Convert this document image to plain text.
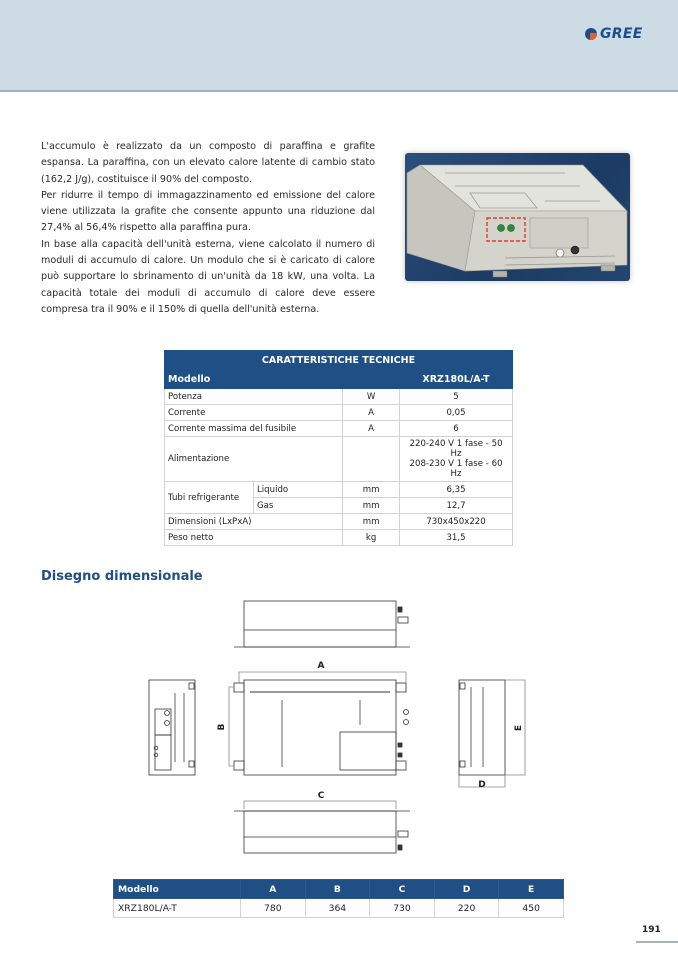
GREE

L'accumulo è realizzato da un composto di paraffina e grafite espansa. La paraffina, con un elevato calore latente di cambio stato (162,2 J/g), costituisce il 90% del composto.

Per ridurre il tempo di immagazzinamento ed emissione del calore viene utilizzata la grafite che consente appunto una riduzione dal 27,4% al 56,4% rispetto alla paraffina pura.

In base alla capacità dell'unità esterna, viene calcolato il numero di moduli di accumulo di calore. Un modulo che si è caricato di calore può supportare lo sbrinamento di un'unità da 18 kW, una volta. La capacità totale dei moduli di accumulo di calore deve essere compresa tra il 90% e il 150% di quella dell'unità esterna.

CARATTERISTICHE TECNICHE			
Modello			XRZ180L/A-T
Potenza		W	5
Corrente		A	0,05
Corrente massima del fusibile		A	6
Alimentazione			220-240 V 1 fase - 50 Hz
208-230 V 1 fase - 60 Hz

Tubi refrigerante	Liquido	mm	6,35
	Gas	mm	12,7
Dimensioni (LxPxA)		mm	730x450x220
Peso netto		kg	31,5
Disegno dimensionale
A
B
C
D
E
Modello	A	B	C	D	E
XRZ180L/A-T	780	364	730	220	450
191
